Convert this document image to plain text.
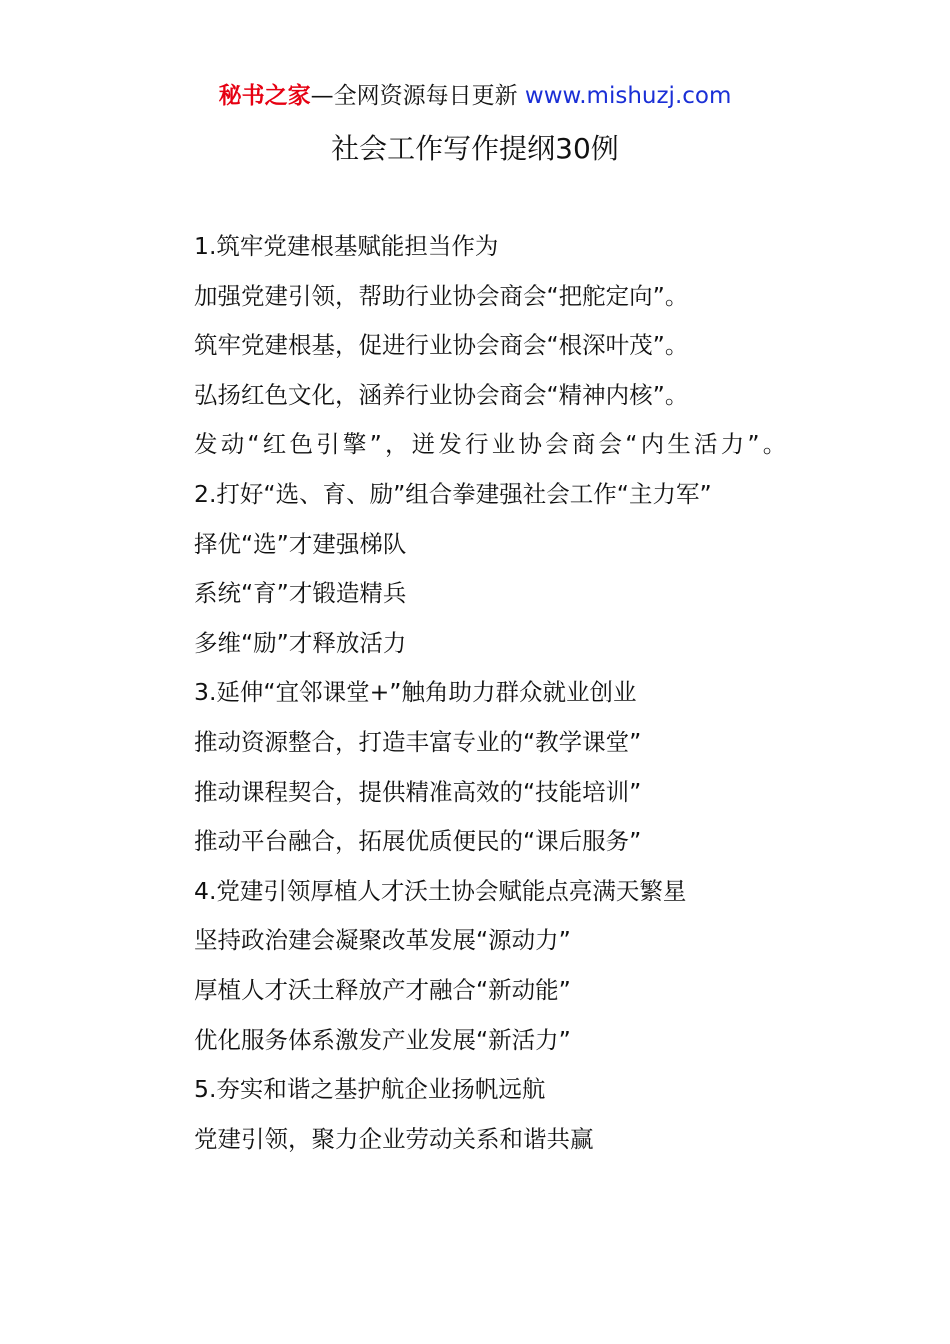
秘书之家—全网资源每日更新 www.mishuzj.com
社会工作写作提纲30例

1.筑牢党建根基赋能担当作为

加强党建引领，帮助行业协会商会“把舵定向”。

筑牢党建根基，促进行业协会商会“根深叶茂”。

弘扬红色文化，涵养行业协会商会“精神内核”。

发动“红色引擎”，迸发行业协会商会“内生活力”。

2.打好“选、育、励”组合拳建强社会工作“主力军”

择优“选”才建强梯队

系统“育”才锻造精兵

多维“励”才释放活力

3.延伸“宜邻课堂+”触角助力群众就业创业

推动资源整合，打造丰富专业的“教学课堂”

推动课程契合，提供精准高效的“技能培训”

推动平台融合，拓展优质便民的“课后服务”

4.党建引领厚植人才沃土协会赋能点亮满天繁星

坚持政治建会凝聚改革发展“源动力”

厚植人才沃土释放产才融合“新动能”

优化服务体系激发产业发展“新活力”

5.夯实和谐之基护航企业扬帆远航

党建引领，聚力企业劳动关系和谐共赢
